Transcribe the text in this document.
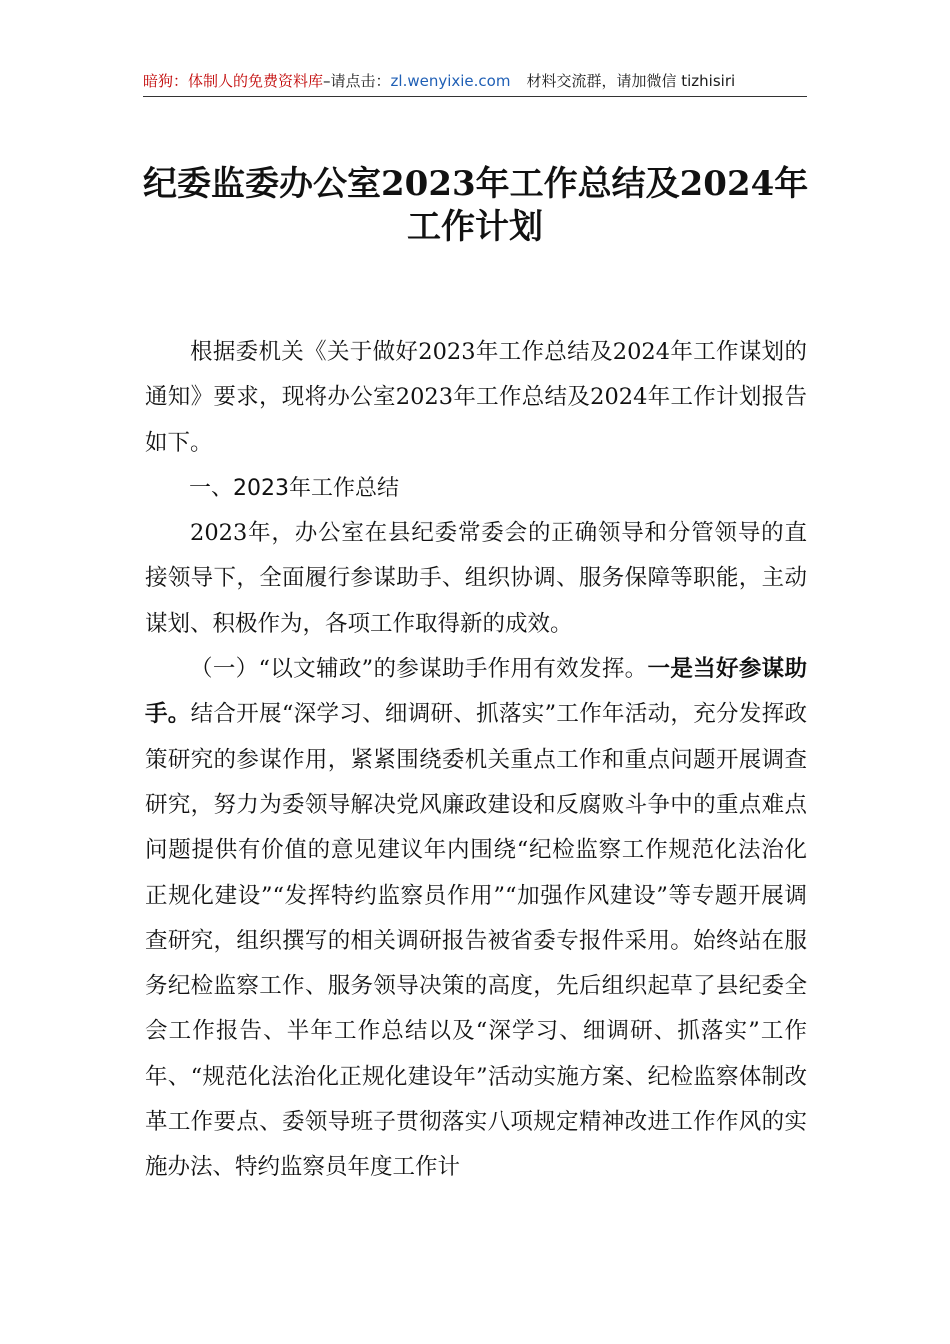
暗狗：体制人的免费资料库–请点击：zl.wenyixie.com 材料交流群，请加微信 tizhisiri
纪委监委办公室2023年工作总结及2024年
工作计划

根据委机关《关于做好2023年工作总结及2024年工作谋划的通知》要求，现将办公室2023年工作总结及2024年工作计划报告如下。

一、2023年工作总结

2023年，办公室在县纪委常委会的正确领导和分管领导的直接领导下，全面履行参谋助手、组织协调、服务保障等职能，主动谋划、积极作为，各项工作取得新的成效。

（一）“以文辅政”的参谋助手作用有效发挥。一是当好参谋助手。结合开展“深学习、细调研、抓落实”工作年活动，充分发挥政策研究的参谋作用，紧紧围绕委机关重点工作和重点问题开展调查研究，努力为委领导解决党风廉政建设和反腐败斗争中的重点难点问题提供有价值的意见建议年内围绕“纪检监察工作规范化法治化正规化建设”“发挥特约监察员作用”“加强作风建设”等专题开展调查研究，组织撰写的相关调研报告被省委专报件采用。始终站在服务纪检监察工作、服务领导决策的高度，先后组织起草了县纪委全会工作报告、半年工作总结以及“深学习、细调研、抓落实”工作年、“规范化法治化正规化建设年”活动实施方案、纪检监察体制改革工作要点、委领导班子贯彻落实八项规定精神改进工作作风的实施办法、特约监察员年度工作计
